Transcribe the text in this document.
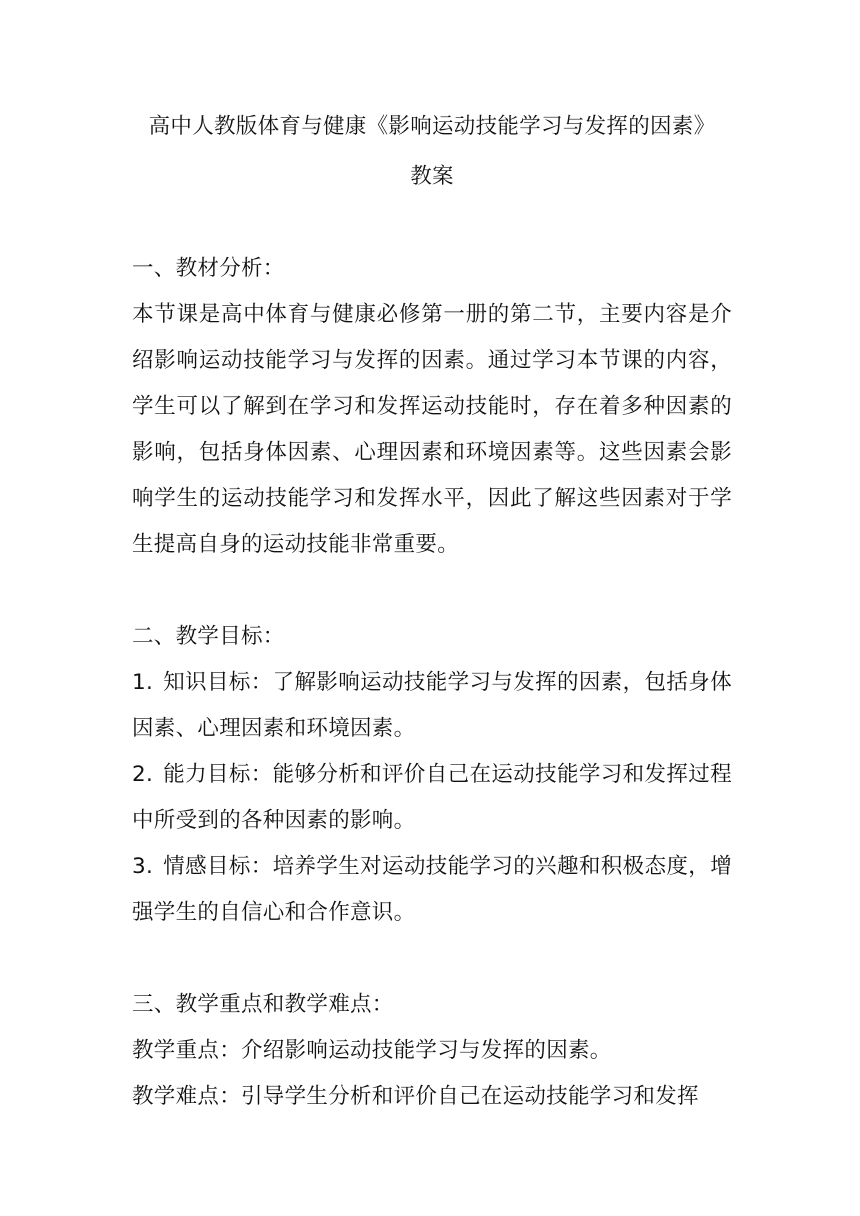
高中人教版体育与健康《影响运动技能学习与发挥的因素》
教案

一、教材分析：

本节课是高中体育与健康必修第一册的第二节，主要内容是介绍影响运动技能学习与发挥的因素。通过学习本节课的内容，学生可以了解到在学习和发挥运动技能时，存在着多种因素的影响，包括身体因素、心理因素和环境因素等。这些因素会影响学生的运动技能学习和发挥水平，因此了解这些因素对于学生提高自身的运动技能非常重要。

二、教学目标：

1. 知识目标：了解影响运动技能学习与发挥的因素，包括身体因素、心理因素和环境因素。

2. 能力目标：能够分析和评价自己在运动技能学习和发挥过程中所受到的各种因素的影响。

3. 情感目标：培养学生对运动技能学习的兴趣和积极态度，增强学生的自信心和合作意识。

三、教学重点和教学难点：

教学重点：介绍影响运动技能学习与发挥的因素。

教学难点：引导学生分析和评价自己在运动技能学习和发挥
